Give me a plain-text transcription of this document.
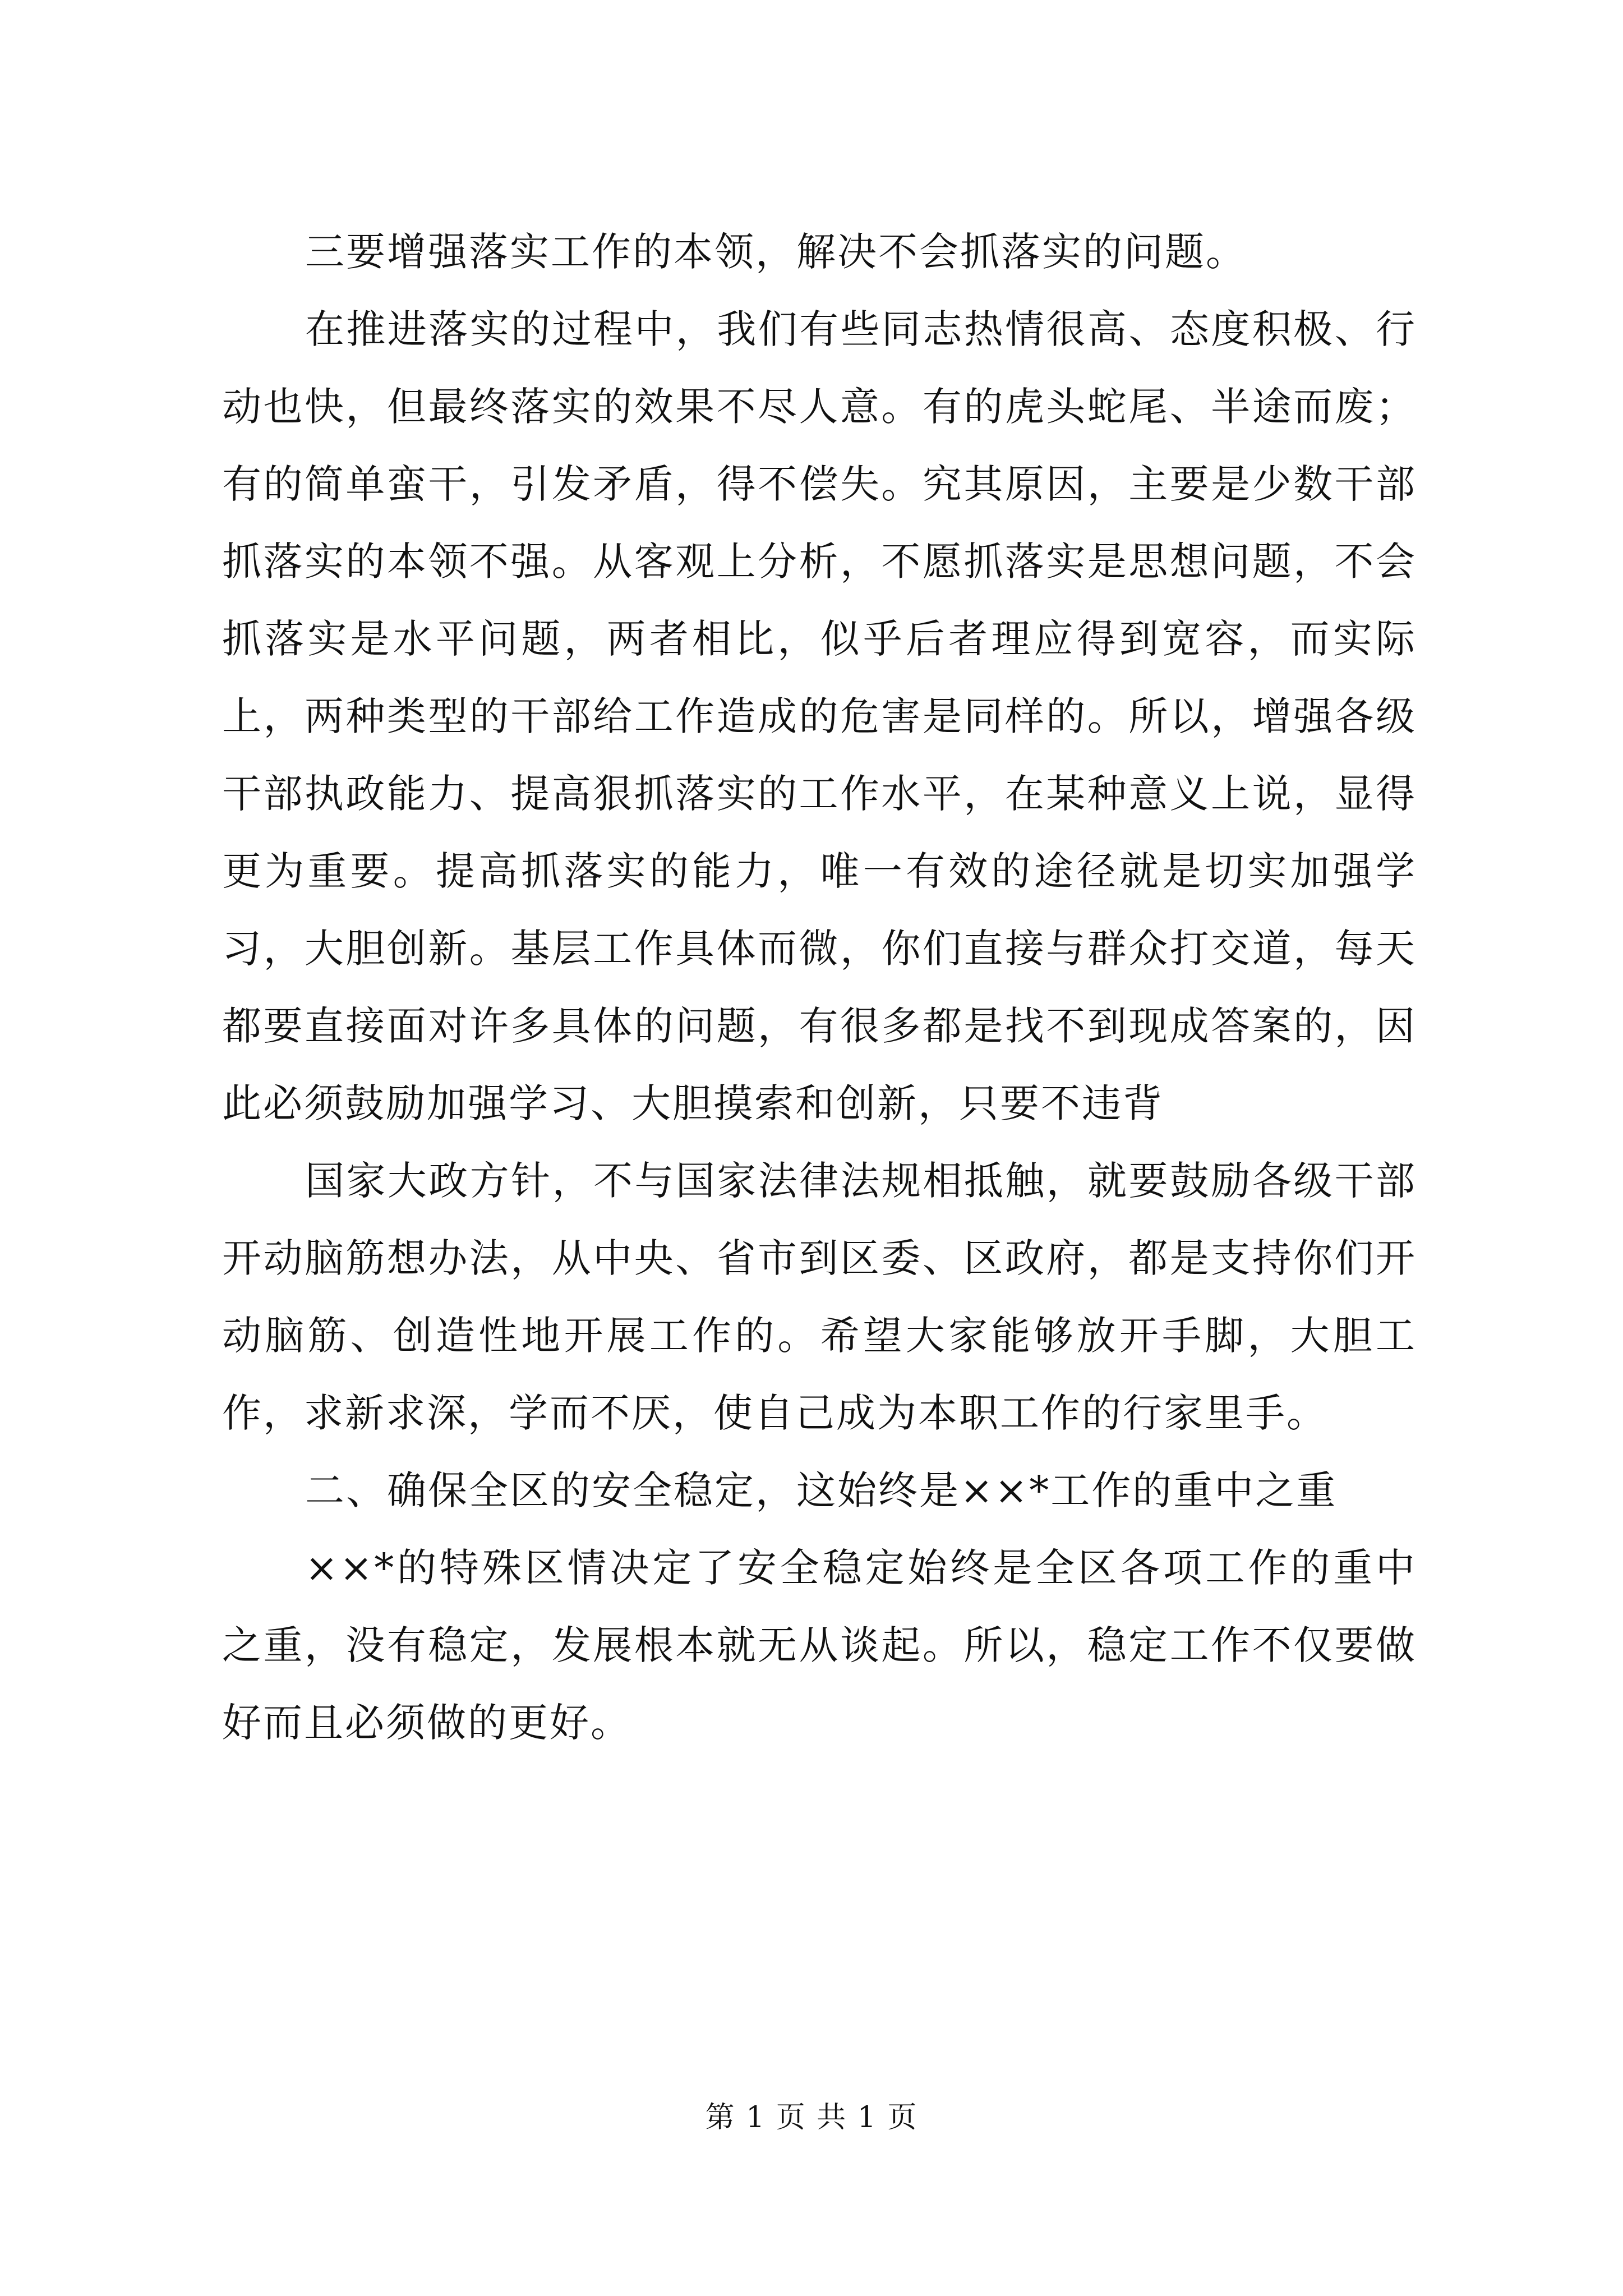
三要增强落实工作的本领，解决不会抓落实的问题。

在推进落实的过程中，我们有些同志热情很高、态度积极、行动也快，但最终落实的效果不尽人意。有的虎头蛇尾、半途而废；有的简单蛮干，引发矛盾，得不偿失。究其原因，主要是少数干部抓落实的本领不强。从客观上分析，不愿抓落实是思想问题，不会抓落实是水平问题，两者相比，似乎后者理应得到宽容，而实际上，两种类型的干部给工作造成的危害是同样的。所以，增强各级干部执政能力、提高狠抓落实的工作水平，在某种意义上说，显得更为重要。提高抓落实的能力，唯一有效的途径就是切实加强学习，大胆创新。基层工作具体而微，你们直接与群众打交道，每天都要直接面对许多具体的问题，有很多都是找不到现成答案的，因此必须鼓励加强学习、大胆摸索和创新，只要不违背

国家大政方针，不与国家法律法规相抵触，就要鼓励各级干部开动脑筋想办法，从中央、省市到区委、区政府，都是支持你们开动脑筋、创造性地开展工作的。希望大家能够放开手脚，大胆工作，求新求深，学而不厌，使自己成为本职工作的行家里手。

二、确保全区的安全稳定，这始终是××*工作的重中之重

××*的特殊区情决定了安全稳定始终是全区各项工作的重中之重，没有稳定，发展根本就无从谈起。所以，稳定工作不仅要做好而且必须做的更好。

第 1 页 共 1 页
